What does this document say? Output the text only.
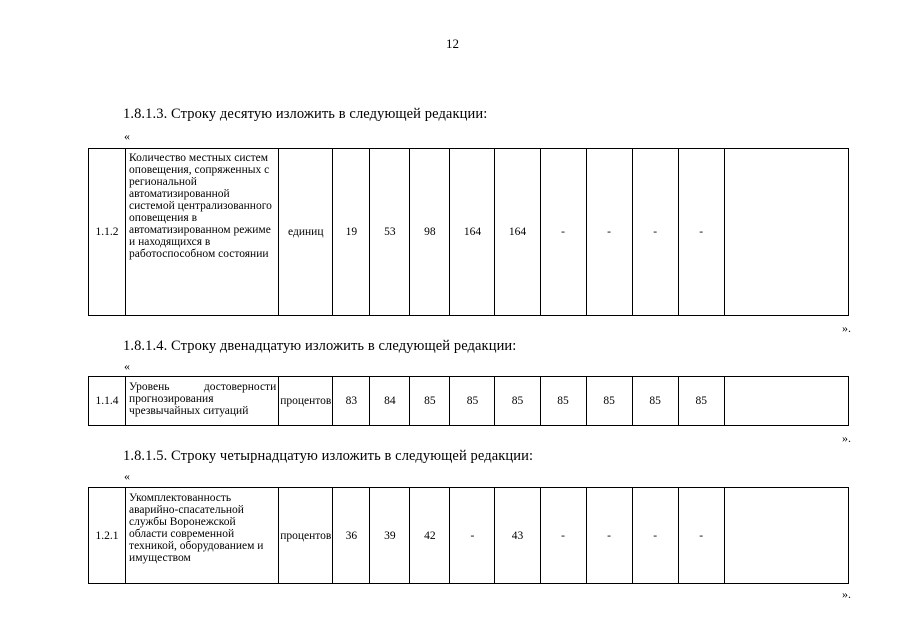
12
1.8.1.3. Строку десятую изложить в следующей редакции:
«
1.1.2	Количество местных систем оповещения, сопряженных с региональной автоматизированной системой централизованного оповещения в автоматизированном режиме и находящихся в работоспособном состоянии	единиц	19	53	98	164	164	-	-	-	-	
».
1.8.1.4. Строку двенадцатую изложить в следующей редакции:
«
1.1.4	Уровень достоверности прогнозирования чрезвычайных ситуаций	процентов	83	84	85	85	85	85	85	85	85	
».
1.8.1.5. Строку четырнадцатую изложить в следующей редакции:
«
1.2.1	Укомплектованность аварийно-спасательной службы Воронежской области современной техникой, оборудованием и имуществом	процентов	36	39	42	-	43	-	-	-	-	
».
